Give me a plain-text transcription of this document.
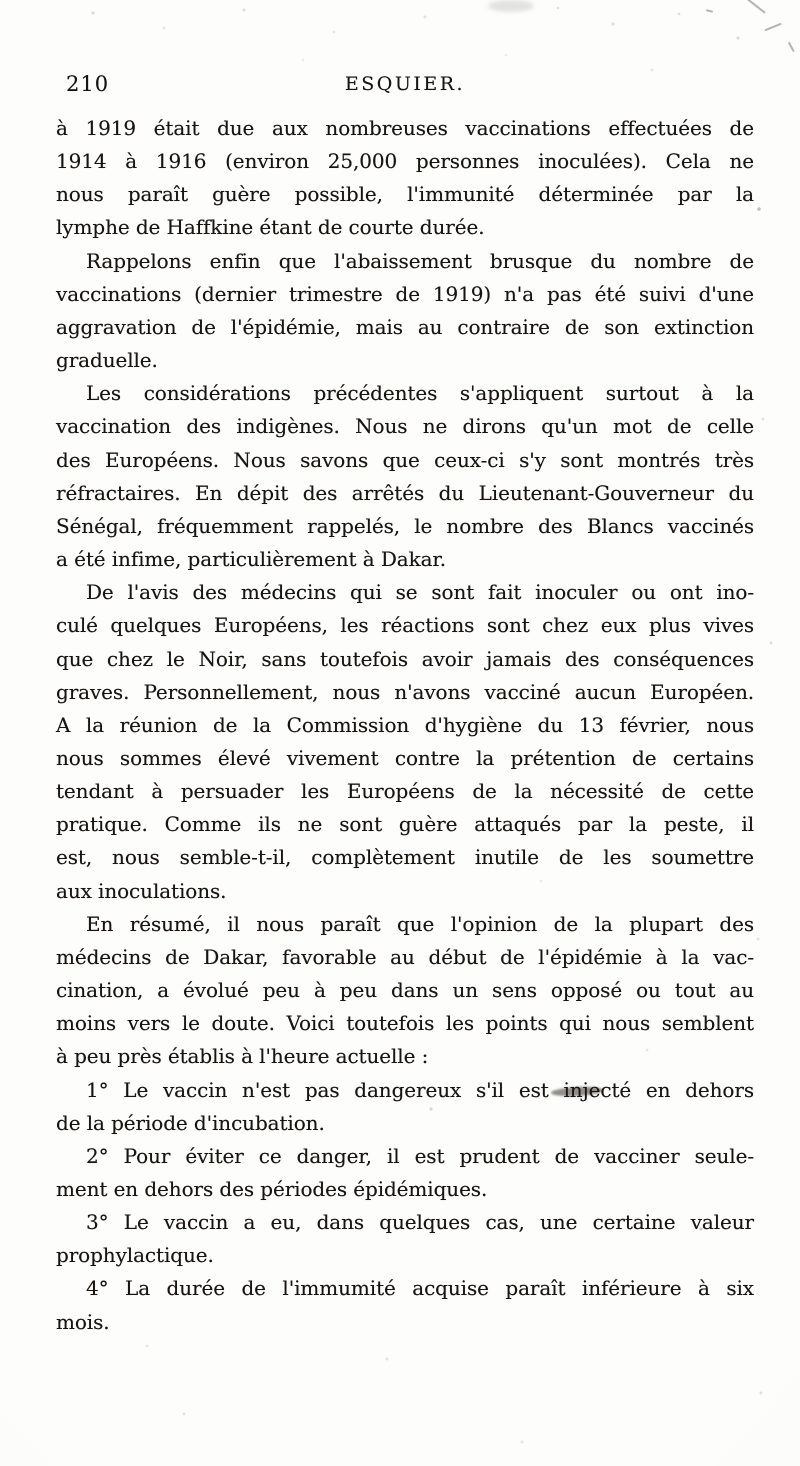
210	ESQUIER.
à 1919 était due aux nombreuses vaccinations effectuées de
1914 à 1916 (environ 25,000 personnes inoculées). Cela ne
nous paraît guère possible, l'immunité déterminée par la
lymphe de Haffkine étant de courte durée.
Rappelons enfin que l'abaissement brusque du nombre de
vaccinations (dernier trimestre de 1919) n'a pas été suivi d'une
aggravation de l'épidémie, mais au contraire de son extinction
graduelle.
Les considérations précédentes s'appliquent surtout à la
vaccination des indigènes. Nous ne dirons qu'un mot de celle
des Européens. Nous savons que ceux-ci s'y sont montrés très
réfractaires. En dépit des arrêtés du Lieutenant-Gouverneur du
Sénégal, fréquemment rappelés, le nombre des Blancs vaccinés
a été infime, particulièrement à Dakar.
De l'avis des médecins qui se sont fait inoculer ou ont ino-
culé quelques Européens, les réactions sont chez eux plus vives
que chez le Noir, sans toutefois avoir jamais des conséquences
graves. Personnellement, nous n'avons vacciné aucun Européen.
A la réunion de la Commission d'hygiène du 13 février, nous
nous sommes élevé vivement contre la prétention de certains
tendant à persuader les Européens de la nécessité de cette
pratique. Comme ils ne sont guère attaqués par la peste, il
est, nous semble-t-il, complètement inutile de les soumettre
aux inoculations.
En résumé, il nous paraît que l'opinion de la plupart des
médecins de Dakar, favorable au début de l'épidémie à la vac-
cination, a évolué peu à peu dans un sens opposé ou tout au
moins vers le doute. Voici toutefois les points qui nous semblent
à peu près établis à l'heure actuelle :
1° Le vaccin n'est pas dangereux s'il est injecté en dehors
de la période d'incubation.
2° Pour éviter ce danger, il est prudent de vacciner seule-
ment en dehors des périodes épidémiques.
3° Le vaccin a eu, dans quelques cas, une certaine valeur
prophylactique.
4° La durée de l'immumité acquise paraît inférieure à six
mois.
